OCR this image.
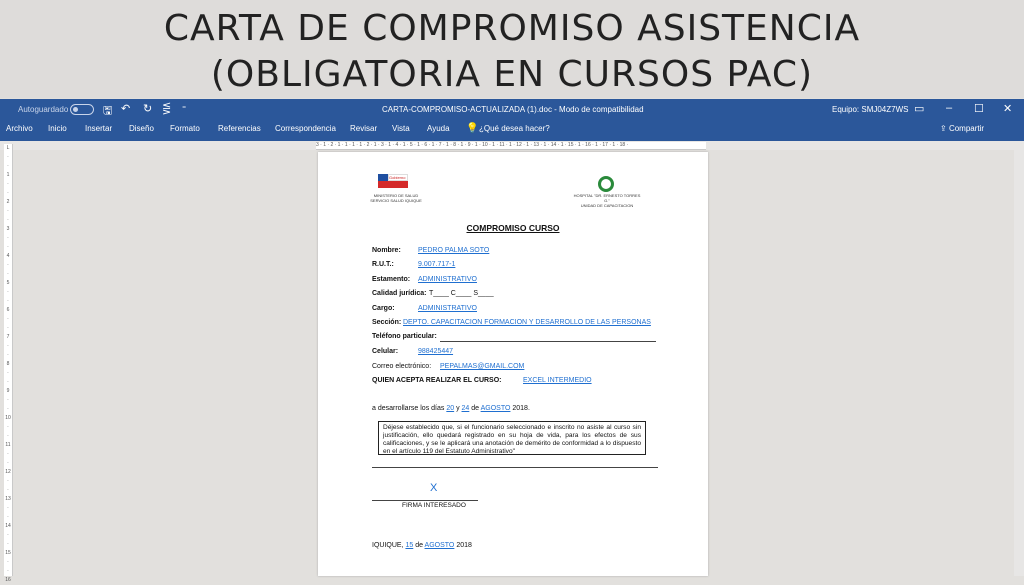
CARTA DE COMPROMISO ASISTENCIA
(OBLIGATORIA EN CURSOS PAC)
Autoguardado	🖫 ↶ ↻ ⋚ ⁼	CARTA-COMPROMISO-ACTUALIZADA (1).doc - Modo de compatibilidad	Equipo: SMJ04Z7WS ▭ – ☐ ✕
Archivo Inicio Insertar Diseño Formato Referencias Correspondencia Revisar Vista Ayuda 💡 ¿Qué desea hacer?	⇪ Compartir
3 · 1 · 2 · 1 · 1 · 1 · 1 · 2 · 1 · 3 · 1 · 4 · 1 · 5 · 1 · 6 · 1 · 7 · 1 · 8 · 1 · 9 · 1 · 10 · 1 · 11 · 1 · 12 · 1 · 13 · 1 · 14 · 1 · 15 · 1 · 16 · 1 · 17 · 1 · 18 ·
L
·
·
1
·
·
2
·
·
3
·
·
4
·
·
5
·
·
6
·
·
7
·
·
8
·
·
9
·
·
10
·
·
11
·
·
12
·
·
13
·
·
14
·
·
15
·
·
16
Gobierno
MINISTERIO DE SALUD
SERVICIO SALUD IQUIQUE
HOSPITAL "DR. ERNESTO TORRES G."
UNIDAD DE CAPACITACION
COMPROMISO CURSO
Nombre: PEDRO PALMA SOTO
R.U.T.:	9.007.717-1
Estamento: ADMINISTRATIVO
Calidad jurídica: T____ C____ S____
Cargo:	ADMINISTRATIVO
Sección: DEPTO. CAPACITACION FORMACION Y DESARROLLO DE LAS PERSONAS
Teléfono particular:
Celular:	988425447
Correo electrónico: PEPALMAS@GMAIL.COM
QUIEN ACEPTA REALIZAR EL CURSO:	EXCEL INTERMEDIO
a desarrollarse los días 20 y 24 de AGOSTO 2018.
Déjese establecido que, si el funcionario seleccionado e inscrito no asiste al curso sin justificación, ello quedará registrado en su hoja de vida, para los efectos de sus calificaciones, y se le aplicará una anotación de demérito de conformidad a lo dispuesto en el artículo 119 del Estatuto Administrativo"
X
FIRMA INTERESADO
IQUIQUE, 15 de AGOSTO 2018
